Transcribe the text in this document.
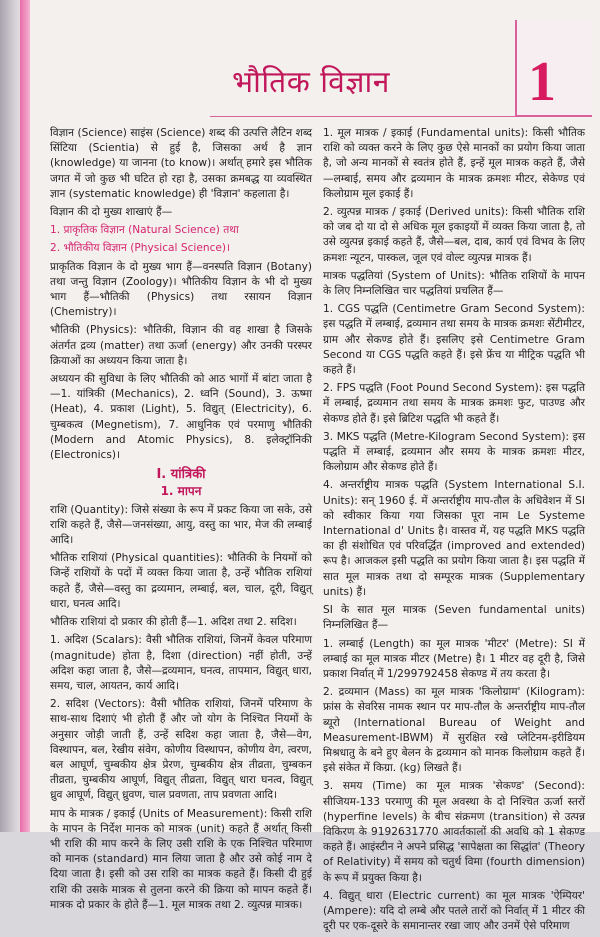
भौतिक विज्ञान 1

विज्ञान (Science) साइंस (Science) शब्द की उत्पत्ति लैटिन शब्द सिंटिया (Scientia) से हुई है, जिसका अर्थ है ज्ञान (knowledge) या जानना (to know)। अर्थात् हमारे इस भौतिक जगत में जो कुछ भी घटित हो रहा है, उसका क्रमबद्ध या व्यवस्थित ज्ञान (systematic knowledge) ही 'विज्ञान' कहलाता है।

विज्ञान की दो मुख्य शाखाएं हैं—

1. प्राकृतिक विज्ञान (Natural Science) तथा

2. भौतिकीय विज्ञान (Physical Science)।

प्राकृतिक विज्ञान के दो मुख्य भाग हैं—वनस्पति विज्ञान (Botany) तथा जन्तु विज्ञान (Zoology)। भौतिकीय विज्ञान के भी दो मुख्य भाग हैं—भौतिकी (Physics) तथा रसायन विज्ञान (Chemistry)।

भौतिकी (Physics): भौतिकी, विज्ञान की वह शाखा है जिसके अंतर्गत द्रव्य (matter) तथा ऊर्जा (energy) और उनकी परस्पर क्रियाओं का अध्ययन किया जाता है।

अध्ययन की सुविधा के लिए भौतिकी को आठ भागों में बांटा जाता है—1. यांत्रिकी (Mechanics), 2. ध्वनि (Sound), 3. ऊष्मा (Heat), 4. प्रकाश (Light), 5. विद्युत् (Electricity), 6. चुम्बकत्व (Megnetism), 7. आधुनिक एवं परमाणु भौतिकी (Modern and Atomic Physics), 8. इलेक्ट्रॉनिकी (Electronics)।

I. यांत्रिकी
1. मापन

राशि (Quantity): जिसे संख्या के रूप में प्रकट किया जा सके, उसे राशि कहते हैं, जैसे—जनसंख्या, आयु, वस्तु का भार, मेज की लम्बाई आदि।

भौतिक राशियां (Physical quantities): भौतिकी के नियमों को जिन्हें राशियों के पदों में व्यक्त किया जाता है, उन्हें भौतिक राशियां कहते हैं, जैसे—वस्तु का द्रव्यमान, लम्बाई, बल, चाल, दूरी, विद्युत् धारा, घनत्व आदि।

भौतिक राशियां दो प्रकार की होती हैं—1. अदिश तथा 2. सदिश।

1. अदिश (Scalars): वैसी भौतिक राशियां, जिनमें केवल परिमाण (magnitude) होता है, दिशा (direction) नहीं होती, उन्हें अदिश कहा जाता है, जैसे—द्रव्यमान, घनत्व, तापमान, विद्युत् धारा, समय, चाल, आयतन, कार्य आदि।

2. सदिश (Vectors): वैसी भौतिक राशियां, जिनमें परिमाण के साथ-साथ दिशाएं भी होती हैं और जो योग के निश्चित नियमों के अनुसार जोड़ी जाती हैं, उन्हें सदिश कहा जाता है, जैसे—वेग, विस्थापन, बल, रेखीय संवेग, कोणीय विस्थापन, कोणीय वेग, त्वरण, बल आघूर्ण, चुम्बकीय क्षेत्र प्रेरण, चुम्बकीय क्षेत्र तीव्रता, चुम्बकन तीव्रता, चुम्बकीय आघूर्ण, विद्युत् तीव्रता, विद्युत् धारा घनत्व, विद्युत् ध्रुव आघूर्ण, विद्युत् ध्रुवण, चाल प्रवणता, ताप प्रवणता आदि।

माप के मात्रक / इकाई (Units of Measurement): किसी राशि के मापन के निर्देश मानक को मात्रक (unit) कहते हैं अर्थात् किसी भी राशि की माप करने के लिए उसी राशि के एक निश्चित परिमाण को मानक (standard) मान लिया जाता है और उसे कोई नाम दे दिया जाता है। इसी को उस राशि का मात्रक कहते हैं। किसी दी हुई राशि की उसके मात्रक से तुलना करने की क्रिया को मापन कहते हैं। मात्रक दो प्रकार के होते हैं—1. मूल मात्रक तथा 2. व्युत्पन्न मात्रक।

1. मूल मात्रक / इकाई (Fundamental units): किसी भौतिक राशि को व्यक्त करने के लिए कुछ ऐसे मानकों का प्रयोग किया जाता है, जो अन्य मानकों से स्वतंत्र होते हैं, इन्हें मूल मात्रक कहते हैं, जैसे—लम्बाई, समय और द्रव्यमान के मात्रक क्रमशः मीटर, सेकेण्ड एवं किलोग्राम मूल इकाई हैं।

2. व्युत्पन्न मात्रक / इकाई (Derived units): किसी भौतिक राशि को जब दो या दो से अधिक मूल इकाइयों में व्यक्त किया जाता है, तो उसे व्युत्पन्न इकाई कहते हैं, जैसे—बल, दाब, कार्य एवं विभव के लिए क्रमशः न्यूटन, पास्कल, जूल एवं वोल्ट व्युत्पन्न मात्रक हैं।

मात्रक पद्धतियां (System of Units): भौतिक राशियों के मापन के लिए निम्नलिखित चार पद्धतियां प्रचलित हैं—

1. CGS पद्धति (Centimetre Gram Second System): इस पद्धति में लम्बाई, द्रव्यमान तथा समय के मात्रक क्रमशः सेंटीमीटर, ग्राम और सेकण्ड होते हैं। इसलिए इसे Centimetre Gram Second या CGS पद्धति कहते हैं। इसे फ्रेंच या मीट्रिक पद्धति भी कहते हैं।

2. FPS पद्धति (Foot Pound Second System): इस पद्धति में लम्बाई, द्रव्यमान तथा समय के मात्रक क्रमशः फुट, पाउण्ड और सेकण्ड होते हैं। इसे ब्रिटिश पद्धति भी कहते हैं।

3. MKS पद्धति (Metre-Kilogram Second System): इस पद्धति में लम्बाई, द्रव्यमान और समय के मात्रक क्रमशः मीटर, किलोग्राम और सेकण्ड होते हैं।

4. अन्तर्राष्ट्रीय मात्रक पद्धति (System International S.I. Units): सन् 1960 ई. में अन्तर्राष्ट्रीय माप-तौल के अधिवेशन में SI को स्वीकार किया गया जिसका पूरा नाम Le Systeme International d' Units है। वास्तव में, यह पद्धति MKS पद्धति का ही संशोधित एवं परिवर्द्धित (improved and extended) रूप है। आजकल इसी पद्धति का प्रयोग किया जाता है। इस पद्धति में सात मूल मात्रक तथा दो सम्पूरक मात्रक (Supplementary units) हैं।

SI के सात मूल मात्रक (Seven fundamental units) निम्नलिखित हैं—

1. लम्बाई (Length) का मूल मात्रक 'मीटर' (Metre): SI में लम्बाई का मूल मात्रक मीटर (Metre) है। 1 मीटर वह दूरी है, जिसे प्रकाश निर्वात् में 1/299792458 सेकण्ड में तय करता है।

2. द्रव्यमान (Mass) का मूल मात्रक 'किलोग्राम' (Kilogram): फ्रांस के सेवरिस नामक स्थान पर माप-तौल के अन्तर्राष्ट्रीय माप-तौल ब्यूरो (International Bureau of Weight and Measurement-IBWM) में सुरक्षित रखे प्लेटिनम-इरीडियम मिश्रधातु के बने हुए बेलन के द्रव्यमान को मानक किलोग्राम कहते हैं। इसे संकेत में किग्रा. (kg) लिखते हैं।

3. समय (Time) का मूल मात्रक 'सेकण्ड' (Second): सीजियम-133 परमाणु की मूल अवस्था के दो निश्चित ऊर्जा स्तरों (hyperfine levels) के बीच संक्रमण (transition) से उत्पन्न विकिरण के 9192631770 आवर्तकालों की अवधि को 1 सेकण्ड कहते हैं। आइंस्टीन ने अपने प्रसिद्ध 'सापेक्षता का सिद्धांत' (Theory of Relativity) में समय को चतुर्थ विमा (fourth dimension) के रूप में प्रयुक्त किया है।

4. विद्युत् धारा (Electric current) का मूल मात्रक 'ऐम्पियर' (Ampere): यदि दो लम्बे और पतले तारों को निर्वात् में 1 मीटर की दूरी पर एक-दूसरे के समानान्तर रखा जाए और उनमें ऐसे परिमाण
